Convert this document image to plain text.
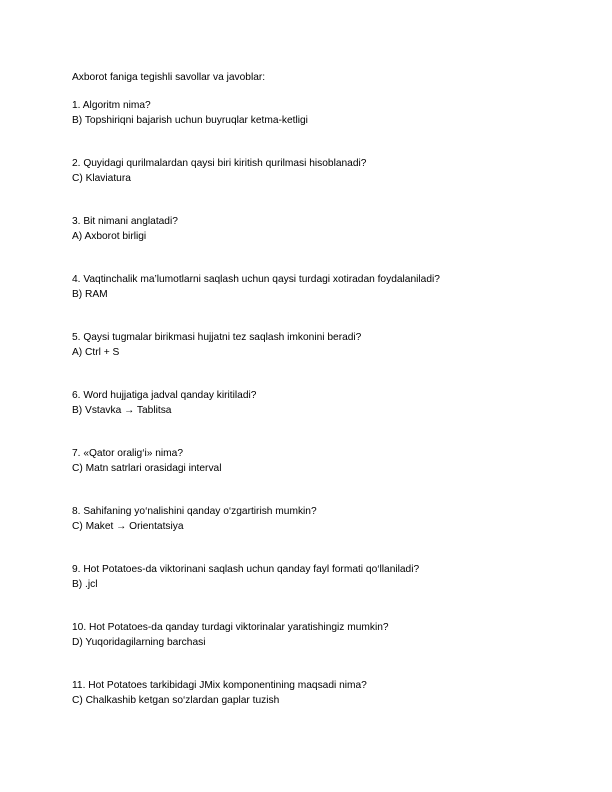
Axborot faniga tegishli savollar va javoblar:

1. Algoritm nima?

B) Topshiriqni bajarish uchun buyruqlar ketma-ketligi

2. Quyidagi qurilmalardan qaysi biri kiritish qurilmasi hisoblanadi?

C) Klaviatura

3. Bit nimani anglatadi?

A) Axborot birligi

4. Vaqtinchalik ma’lumotlarni saqlash uchun qaysi turdagi xotiradan foydalaniladi?

B) RAM

5. Qaysi tugmalar birikmasi hujjatni tez saqlash imkonini beradi?

A) Ctrl + S

6. Word hujjatiga jadval qanday kiritiladi?

B) Vstavka → Tablitsa

7. «Qator oralig‘i» nima?

C) Matn satrlari orasidagi interval

8. Sahifaning yo‘nalishini qanday o‘zgartirish mumkin?

C) Maket → Orientatsiya

9. Hot Potatoes-da viktorinani saqlash uchun qanday fayl formati qo‘llaniladi?

B) .jcl

10. Hot Potatoes-da qanday turdagi viktorinalar yaratishingiz mumkin?

D) Yuqoridagilarning barchasi

11. Hot Potatoes tarkibidagi JMix komponentining maqsadi nima?

C) Chalkashib ketgan so‘zlardan gaplar tuzish
